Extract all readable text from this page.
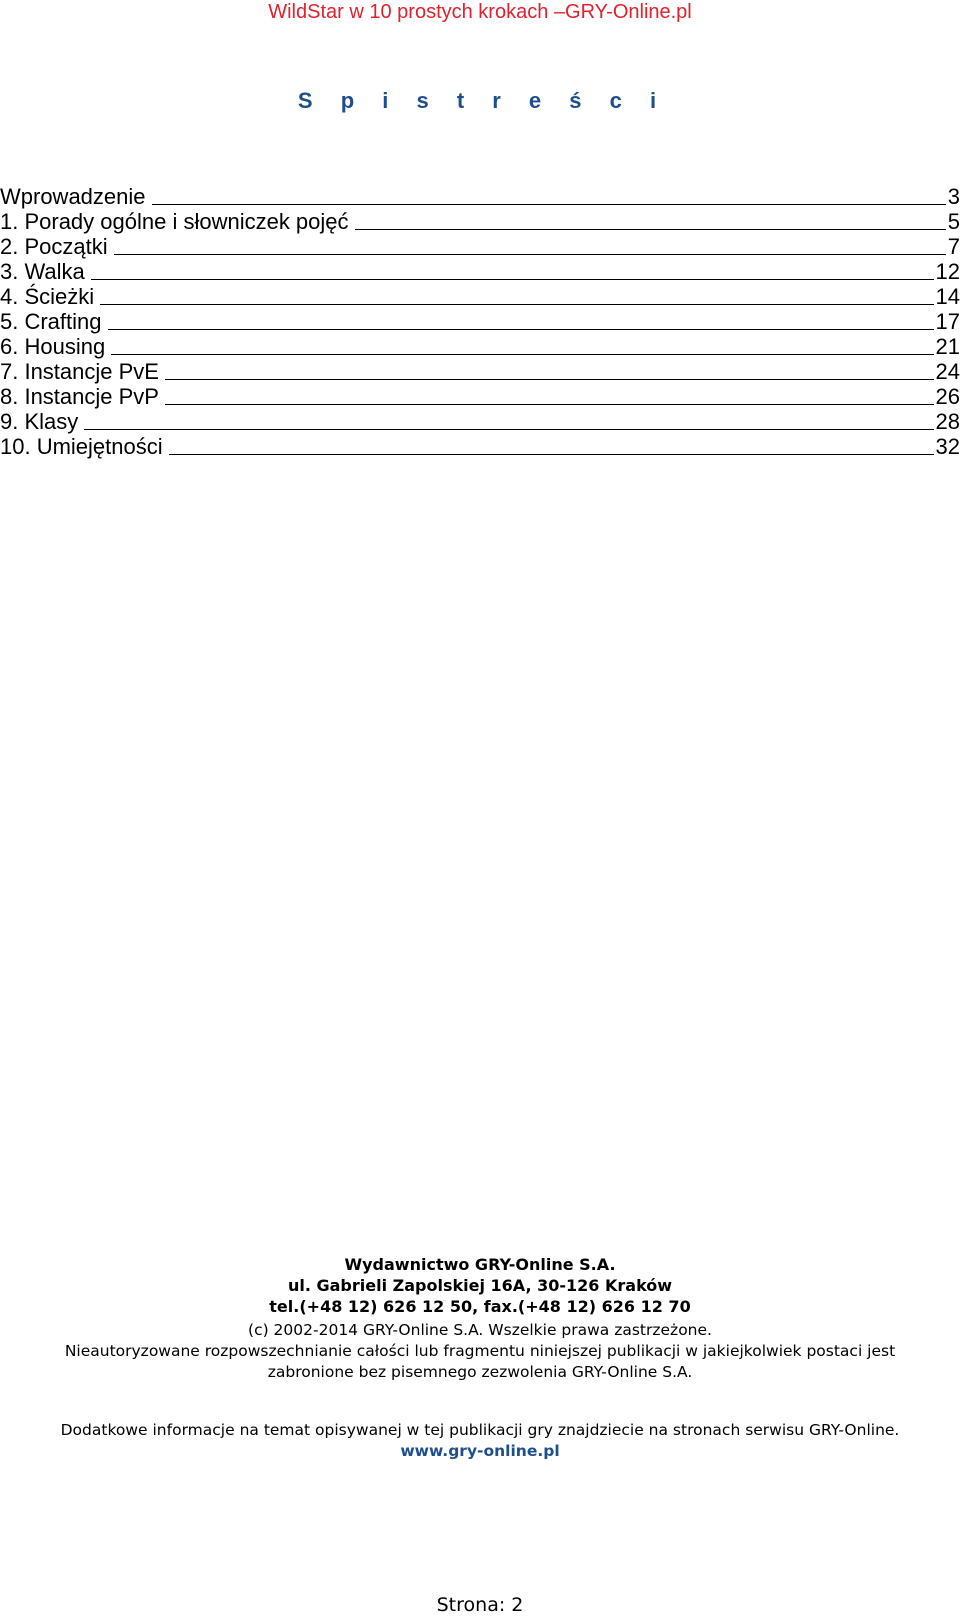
WildStar w 10 prostych krokach –GRY-Online.pl
S p i s t r e ś c i
Wprowadzenie	3
1. Porady ogólne i słowniczek pojęć	5
2. Początki	7
3. Walka	12
4. Ścieżki	14
5. Crafting	17
6. Housing	21
7. Instancje PvE	24
8. Instancje PvP	26
9. Klasy	28
10. Umiejętności	32
Wydawnictwo GRY-Online S.A.
ul. Gabrieli Zapolskiej 16A, 30-126 Kraków
tel.(+48 12) 626 12 50, fax.(+48 12) 626 12 70
(c) 2002-2014 GRY-Online S.A. Wszelkie prawa zastrzeżone.
Nieautoryzowane rozpowszechnianie całości lub fragmentu niniejszej publikacji w jakiejkolwiek postaci jest
zabronione bez pisemnego zezwolenia GRY-Online S.A.
Dodatkowe informacje na temat opisywanej w tej publikacji gry znajdziecie na stronach serwisu GRY-Online.
www.gry-online.pl
Strona: 2
